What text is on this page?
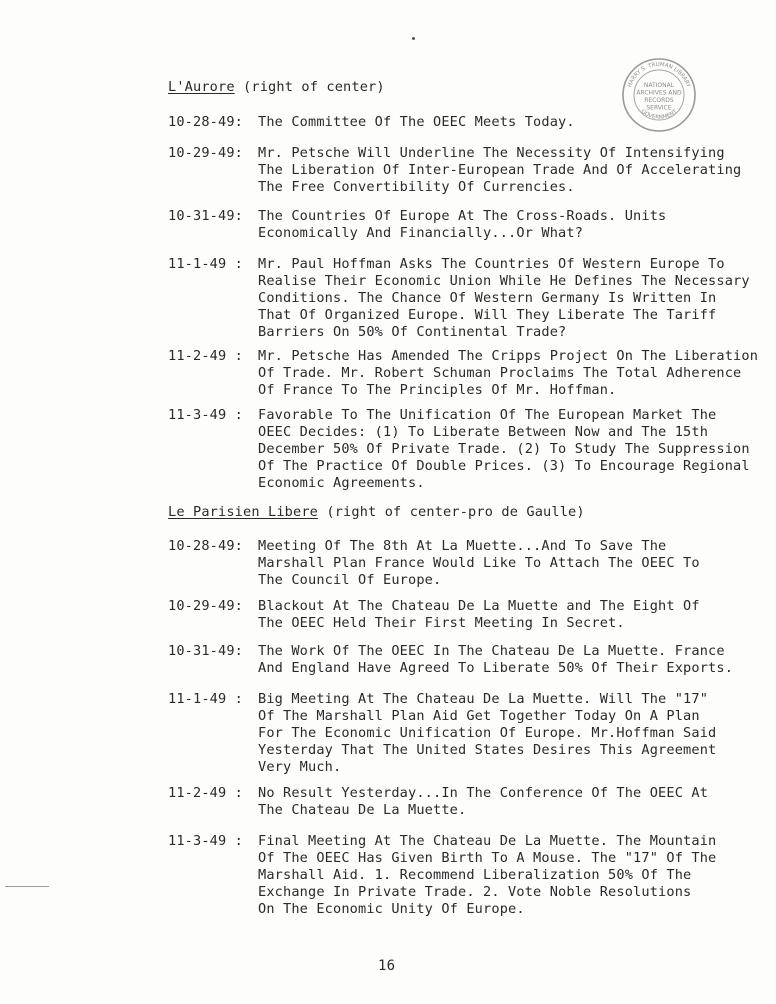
NATIONAL
ARCHIVES AND
RECORDS
SERVICE
HARRY S. TRUMAN LIBRARY
GOVERNMENT
L'Aurore (right of center)
10-28-49: The Committee Of The OEEC Meets Today.
10-29-49: Mr. Petsche Will Underline The Necessity Of Intensifying
The Liberation Of Inter-European Trade And Of Accelerating
The Free Convertibility Of Currencies.
10-31-49: The Countries Of Europe At The Cross-Roads. Units
Economically And Financially...Or What?
11-1-49 : Mr. Paul Hoffman Asks The Countries Of Western Europe To
Realise Their Economic Union While He Defines The Necessary
Conditions. The Chance Of Western Germany Is Written In
That Of Organized Europe. Will They Liberate The Tariff
Barriers On 50% Of Continental Trade?
11-2-49 : Mr. Petsche Has Amended The Cripps Project On The Liberation
Of Trade. Mr. Robert Schuman Proclaims The Total Adherence
Of France To The Principles Of Mr. Hoffman.
11-3-49 : Favorable To The Unification Of The European Market The
OEEC Decides: (1) To Liberate Between Now and The 15th
December 50% Of Private Trade. (2) To Study The Suppression
Of The Practice Of Double Prices. (3) To Encourage Regional
Economic Agreements.
Le Parisien Libere (right of center-pro de Gaulle)
10-28-49: Meeting Of The 8th At La Muette...And To Save The
Marshall Plan France Would Like To Attach The OEEC To
The Council Of Europe.
10-29-49: Blackout At The Chateau De La Muette and The Eight Of
The OEEC Held Their First Meeting In Secret.
10-31-49: The Work Of The OEEC In The Chateau De La Muette. France
And England Have Agreed To Liberate 50% Of Their Exports.
11-1-49 : Big Meeting At The Chateau De La Muette. Will The "17"
Of The Marshall Plan Aid Get Together Today On A Plan
For The Economic Unification Of Europe. Mr.Hoffman Said
Yesterday That The United States Desires This Agreement
Very Much.
11-2-49 : No Result Yesterday...In The Conference Of The OEEC At
The Chateau De La Muette.
11-3-49 : Final Meeting At The Chateau De La Muette. The Mountain
Of The OEEC Has Given Birth To A Mouse. The "17" Of The
Marshall Aid. 1. Recommend Liberalization 50% Of The
Exchange In Private Trade. 2. Vote Noble Resolutions
On The Economic Unity Of Europe.
16
